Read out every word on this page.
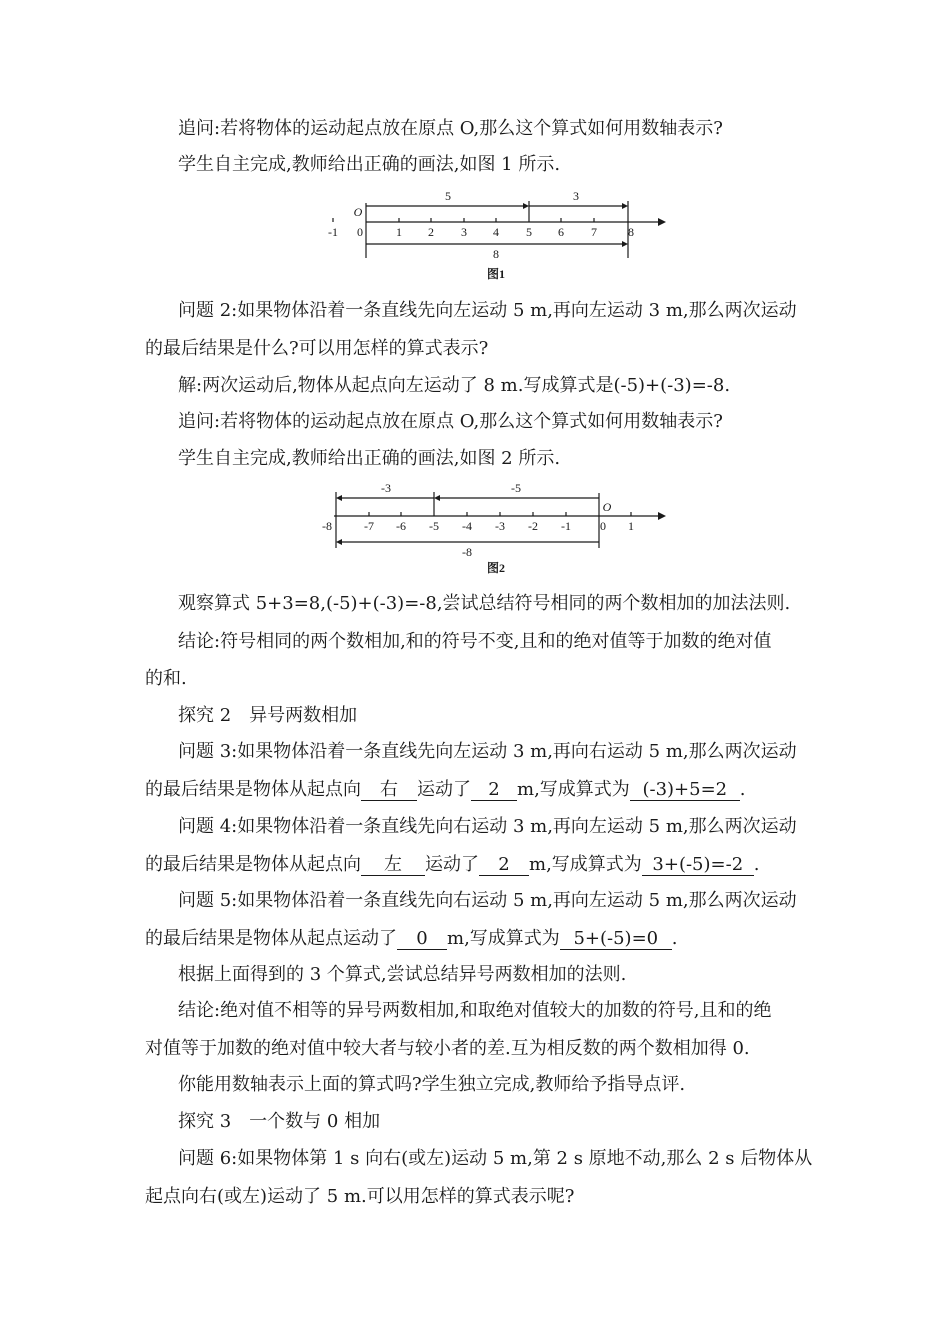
追问:若将物体的运动起点放在原点 O,那么这个算式如何用数轴表示?
学生自主完成,教师给出正确的画法,如图 1 所示.
O
5	3
8
-1 0	1 2 3 4 5 6 7	8
图1
问题 2:如果物体沿着一条直线先向左运动 5 m,再向左运动 3 m,那么两次运动
的最后结果是什么?可以用怎样的算式表示?
解:两次运动后,物体从起点向左运动了 8 m.写成算式是(-5)+(-3)=-8.
追问:若将物体的运动起点放在原点 O,那么这个算式如何用数轴表示?
学生自主完成,教师给出正确的画法,如图 2 所示.
O
-3	-5
-8
-8	-7 -6 -5 -4 -3 -2 -1 0 1
图2
观察算式 5+3=8,(-5)+(-3)=-8,尝试总结符号相同的两个数相加的加法法则.
结论:符号相同的两个数相加,和的符号不变,且和的绝对值等于加数的绝对值
的和.
探究 2　异号两数相加
问题 3:如果物体沿着一条直线先向左运动 3 m,再向右运动 5 m,那么两次运动
的最后结果是物体从起点向 右 运动了 2 m,写成算式为 (-3)+5=2 .
问题 4:如果物体沿着一条直线先向右运动 3 m,再向左运动 5 m,那么两次运动
的最后结果是物体从起点向 左 运动了 2 m,写成算式为 3+(-5)=-2 .
问题 5:如果物体沿着一条直线先向右运动 5 m,再向左运动 5 m,那么两次运动
的最后结果是物体从起点运动了 0 m,写成算式为 5+(-5)=0 .
根据上面得到的 3 个算式,尝试总结异号两数相加的法则.
结论:绝对值不相等的异号两数相加,和取绝对值较大的加数的符号,且和的绝
对值等于加数的绝对值中较大者与较小者的差.互为相反数的两个数相加得 0.
你能用数轴表示上面的算式吗?学生独立完成,教师给予指导点评.
探究 3　一个数与 0 相加
问题 6:如果物体第 1 s 向右(或左)运动 5 m,第 2 s 原地不动,那么 2 s 后物体从
起点向右(或左)运动了 5 m.可以用怎样的算式表示呢?
